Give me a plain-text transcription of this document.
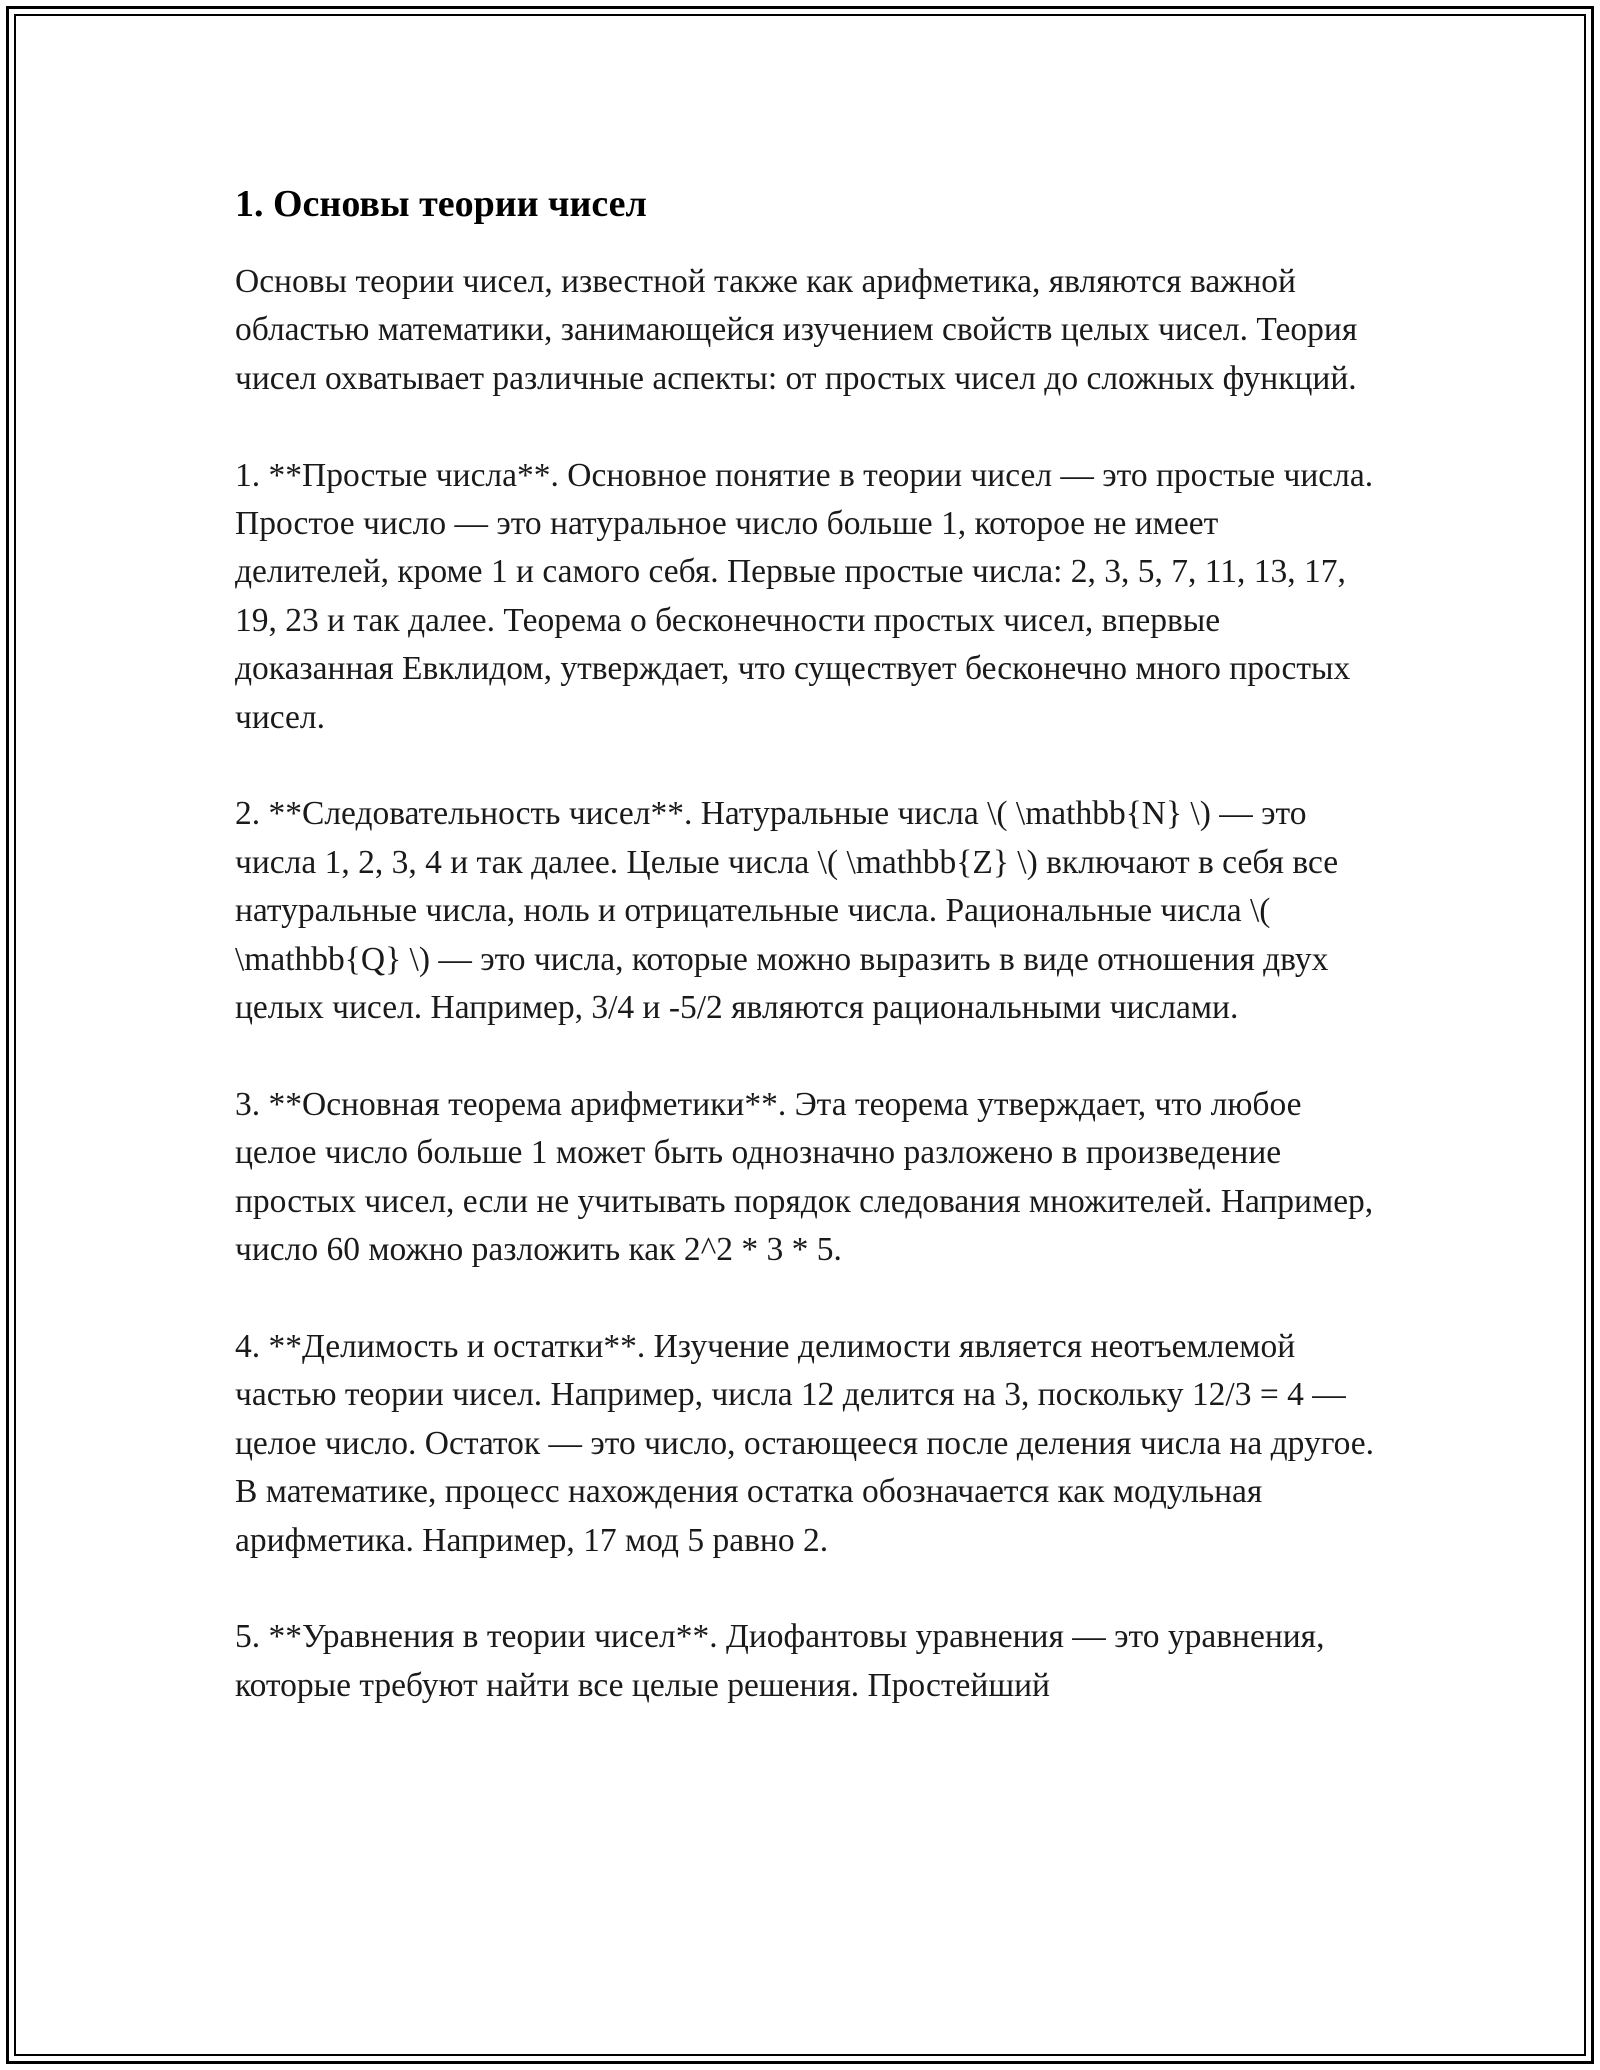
1. Основы теории чисел

Основы теории чисел, известной также как арифметика, являются важной областью математики, занимающейся изучением свойств целых чисел. Теория чисел охватывает различные аспекты: от простых чисел до сложных функций.

1. **Простые числа**. Основное понятие в теории чисел — это простые числа. Простое число — это натуральное число больше 1, которое не имеет делителей, кроме 1 и самого себя. Первые простые числа: 2, 3, 5, 7, 11, 13, 17, 19, 23 и так далее. Теорема о бесконечности простых чисел, впервые доказанная Евклидом, утверждает, что существует бесконечно много простых чисел.

2. **Следовательность чисел**. Натуральные числа \( \mathbb{N} \) — это числа 1, 2, 3, 4 и так далее. Целые числа \( \mathbb{Z} \) включают в себя все натуральные числа, ноль и отрицательные числа. Рациональные числа \( \mathbb{Q} \) — это числа, которые можно выразить в виде отношения двух целых чисел. Например, 3/4 и -5/2 являются рациональными числами.

3. **Основная теорема арифметики**. Эта теорема утверждает, что любое целое число больше 1 может быть однозначно разложено в произведение простых чисел, если не учитывать порядок следования множителей. Например, число 60 можно разложить как 2^2 * 3 * 5.

4. **Делимость и остатки**. Изучение делимости является неотъемлемой частью теории чисел. Например, числа 12 делится на 3, поскольку 12/3 = 4 — целое число. Остаток — это число, остающееся после деления числа на другое. В математике, процесс нахождения остатка обозначается как модульная арифметика. Например, 17 мод 5 равно 2.

5. **Уравнения в теории чисел**. Диофантовы уравнения — это уравнения, которые требуют найти все целые решения. Простейший
